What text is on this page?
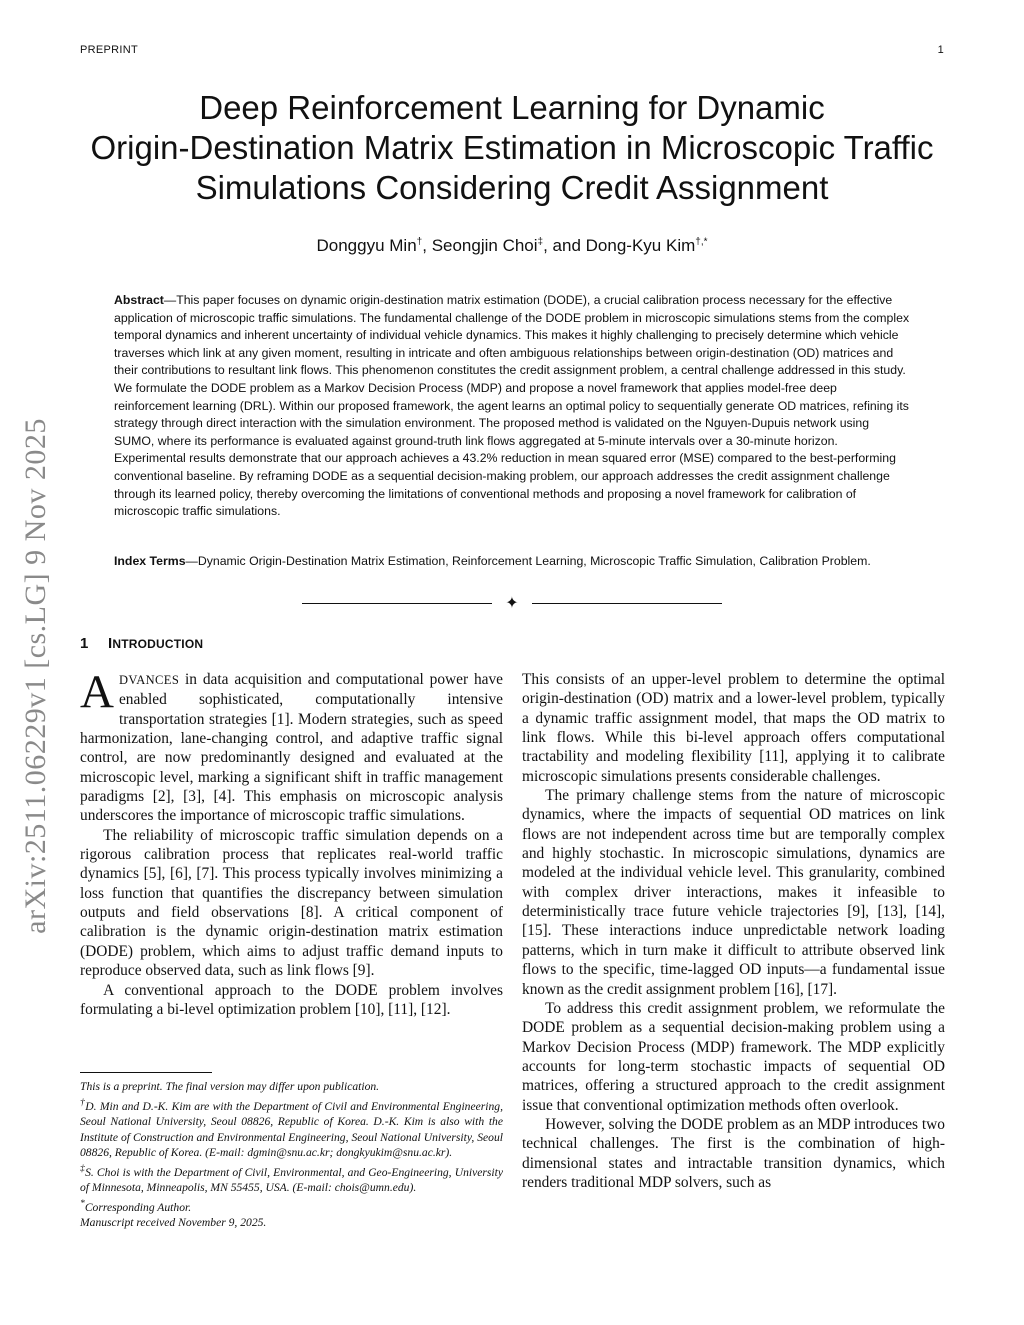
PREPRINT	1
arXiv:2511.06229v1 [cs.LG] 9 Nov 2025
Deep Reinforcement Learning for Dynamic
Origin-Destination Matrix Estimation in Microscopic Traffic
Simulations Considering Credit Assignment
Donggyu Min†, Seongjin Choi‡, and Dong-Kyu Kim†,*

Abstract—This paper focuses on dynamic origin-destination matrix estimation (DODE), a crucial calibration process necessary for the effective application of microscopic traffic simulations. The fundamental challenge of the DODE problem in microscopic simulations stems from the complex temporal dynamics and inherent uncertainty of individual vehicle dynamics. This makes it highly challenging to precisely determine which vehicle traverses which link at any given moment, resulting in intricate and often ambiguous relationships between origin-destination (OD) matrices and their contributions to resultant link flows. This phenomenon constitutes the credit assignment problem, a central challenge addressed in this study. We formulate the DODE problem as a Markov Decision Process (MDP) and propose a novel framework that applies model-free deep reinforcement learning (DRL). Within our proposed framework, the agent learns an optimal policy to sequentially generate OD matrices, refining its strategy through direct interaction with the simulation environment. The proposed method is validated on the Nguyen-Dupuis network using SUMO, where its performance is evaluated against ground-truth link flows aggregated at 5-minute intervals over a 30-minute horizon. Experimental results demonstrate that our approach achieves a 43.2% reduction in mean squared error (MSE) compared to the best-performing conventional baseline. By reframing DODE as a sequential decision-making problem, our approach addresses the credit assignment challenge through its learned policy, thereby overcoming the limitations of conventional methods and proposing a novel framework for calibration of microscopic traffic simulations.

Index Terms—Dynamic Origin-Destination Matrix Estimation, Reinforcement Learning, Microscopic Traffic Simulation, Calibration Problem.

✦
1 INTRODUCTION

ADVANCES in data acquisition and computational power have enabled sophisticated, computationally intensive transportation strategies [1]. Modern strategies, such as speed harmonization, lane-changing control, and adaptive traffic signal control, are now predominantly designed and evaluated at the microscopic level, marking a significant shift in traffic management paradigms [2], [3], [4]. This emphasis on microscopic analysis underscores the importance of microscopic traffic simulations.

The reliability of microscopic traffic simulation depends on a rigorous calibration process that replicates real-world traffic dynamics [5], [6], [7]. This process typically involves minimizing a loss function that quantifies the discrepancy between simulation outputs and field observations [8]. A critical component of calibration is the dynamic origin-destination matrix estimation (DODE) problem, which aims to adjust traffic demand inputs to reproduce observed data, such as link flows [9].

A conventional approach to the DODE problem involves formulating a bi-level optimization problem [10], [11], [12].

This is a preprint. The final version may differ upon publication.

†D. Min and D.-K. Kim are with the Department of Civil and Environmental Engineering, Seoul National University, Seoul 08826, Republic of Korea. D.-K. Kim is also with the Institute of Construction and Environmental Engineering, Seoul National University, Seoul 08826, Republic of Korea. (E-mail: dgmin@snu.ac.kr; dongkyukim@snu.ac.kr).

‡S. Choi is with the Department of Civil, Environmental, and Geo-Engineering, University of Minnesota, Minneapolis, MN 55455, USA. (E-mail: chois@umn.edu).

*Corresponding Author.

Manuscript received November 9, 2025.

This consists of an upper-level problem to determine the optimal origin-destination (OD) matrix and a lower-level problem, typically a dynamic traffic assignment model, that maps the OD matrix to link flows. While this bi-level approach offers computational tractability and modeling flexibility [11], applying it to calibrate microscopic simulations presents considerable challenges.

The primary challenge stems from the nature of microscopic dynamics, where the impacts of sequential OD matrices on link flows are not independent across time but are temporally complex and highly stochastic. In microscopic simulations, dynamics are modeled at the individual vehicle level. This granularity, combined with complex driver interactions, makes it infeasible to deterministically trace future vehicle trajectories [9], [13], [14], [15]. These interactions induce unpredictable network loading patterns, which in turn make it difficult to attribute observed link flows to the specific, time-lagged OD inputs—a fundamental issue known as the credit assignment problem [16], [17].

To address this credit assignment problem, we reformulate the DODE problem as a sequential decision-making problem using a Markov Decision Process (MDP) framework. The MDP explicitly accounts for long-term stochastic impacts of sequential OD matrices, offering a structured approach to the credit assignment issue that conventional optimization methods often overlook.

However, solving the DODE problem as an MDP introduces two technical challenges. The first is the combination of high-dimensional states and intractable transition dynamics, which renders traditional MDP solvers, such as
